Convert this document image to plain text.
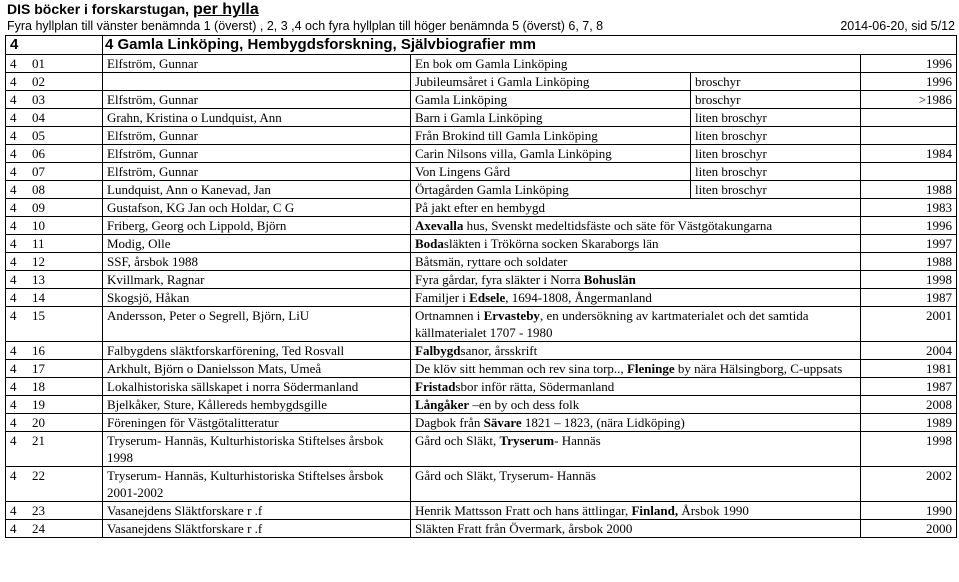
DIS böcker i forskarstugan, per hylla
Fyra hyllplan till vänster benämnda 1 (överst) , 2, 3 ,4 och fyra hyllplan till höger benämnda 5 (överst) 6, 7, 8	2014-06-20, sid 5/12
4	4 Gamla Linköping, Hembygdsforskning, Självbiografier mm			
4 01	Elfström, Gunnar	En bok om Gamla Linköping		1996
4 02		Jubileumsåret i Gamla Linköping	broschyr	1996
4 03	Elfström, Gunnar	Gamla Linköping	broschyr	>1986
4 04	Grahn, Kristina o Lundquist, Ann	Barn i Gamla Linköping	liten broschyr	
4 05	Elfström, Gunnar	Från Brokind till Gamla Linköping	liten broschyr	
4 06	Elfström, Gunnar	Carin Nilsons villa, Gamla Linköping	liten broschyr	1984
4 07	Elfström, Gunnar	Von Lingens Gård	liten broschyr	
4 08	Lundquist, Ann o Kanevad, Jan	Örtagården Gamla Linköping	liten broschyr	1988
4 09	Gustafson, KG Jan och Holdar, C G	På jakt efter en hembygd		1983
4 10	Friberg, Georg och Lippold, Björn	Axevalla hus, Svenskt medeltidsfäste och säte för Västgötakungarna		1996
4 11	Modig, Olle	Bodasläkten i Trökörna socken Skaraborgs län		1997
4 12	SSF, årsbok 1988	Båtsmän, ryttare och soldater		1988
4 13	Kvillmark, Ragnar	Fyra gårdar, fyra släkter i Norra Bohuslän		1998
4 14	Skogsjö, Håkan	Familjer i Edsele, 1694-1808, Ångermanland		1987
4 15	Andersson, Peter o Segrell, Björn, LiU	Ortnamnen i Ervasteby, en undersökning av kartmaterialet och det samtida källmaterialet 1707 - 1980		2001
4 16	Falbygdens släktforskarförening, Ted Rosvall	Falbygdsanor, årsskrift		2004
4 17	Arkhult, Björn o Danielsson Mats, Umeå	De klöv sitt hemman och rev sina torp.., Fleninge by nära Hälsingborg, C-uppsats		1981
4 18	Lokalhistoriska sällskapet i norra Södermanland	Fristadsbor inför rätta, Södermanland		1987
4 19	Bjelkåker, Sture, Kållereds hembygdsgille	Långåker –en by och dess folk		2008
4 20	Föreningen för Västgötalitteratur	Dagbok från Sävare 1821 – 1823, (nära Lidköping)		1989
4 21	Tryserum- Hannäs, Kulturhistoriska Stiftelses årsbok 1998	Gård och Släkt, Tryserum- Hannäs		1998
4 22	Tryserum- Hannäs, Kulturhistoriska Stiftelses årsbok 2001-2002	Gård och Släkt, Tryserum- Hannäs		2002
4 23	Vasanejdens Släktforskare r .f	Henrik Mattsson Fratt och hans ättlingar, Finland, Årsbok 1990		1990
4 24	Vasanejdens Släktforskare r .f	Släkten Fratt från Övermark, årsbok 2000		2000
